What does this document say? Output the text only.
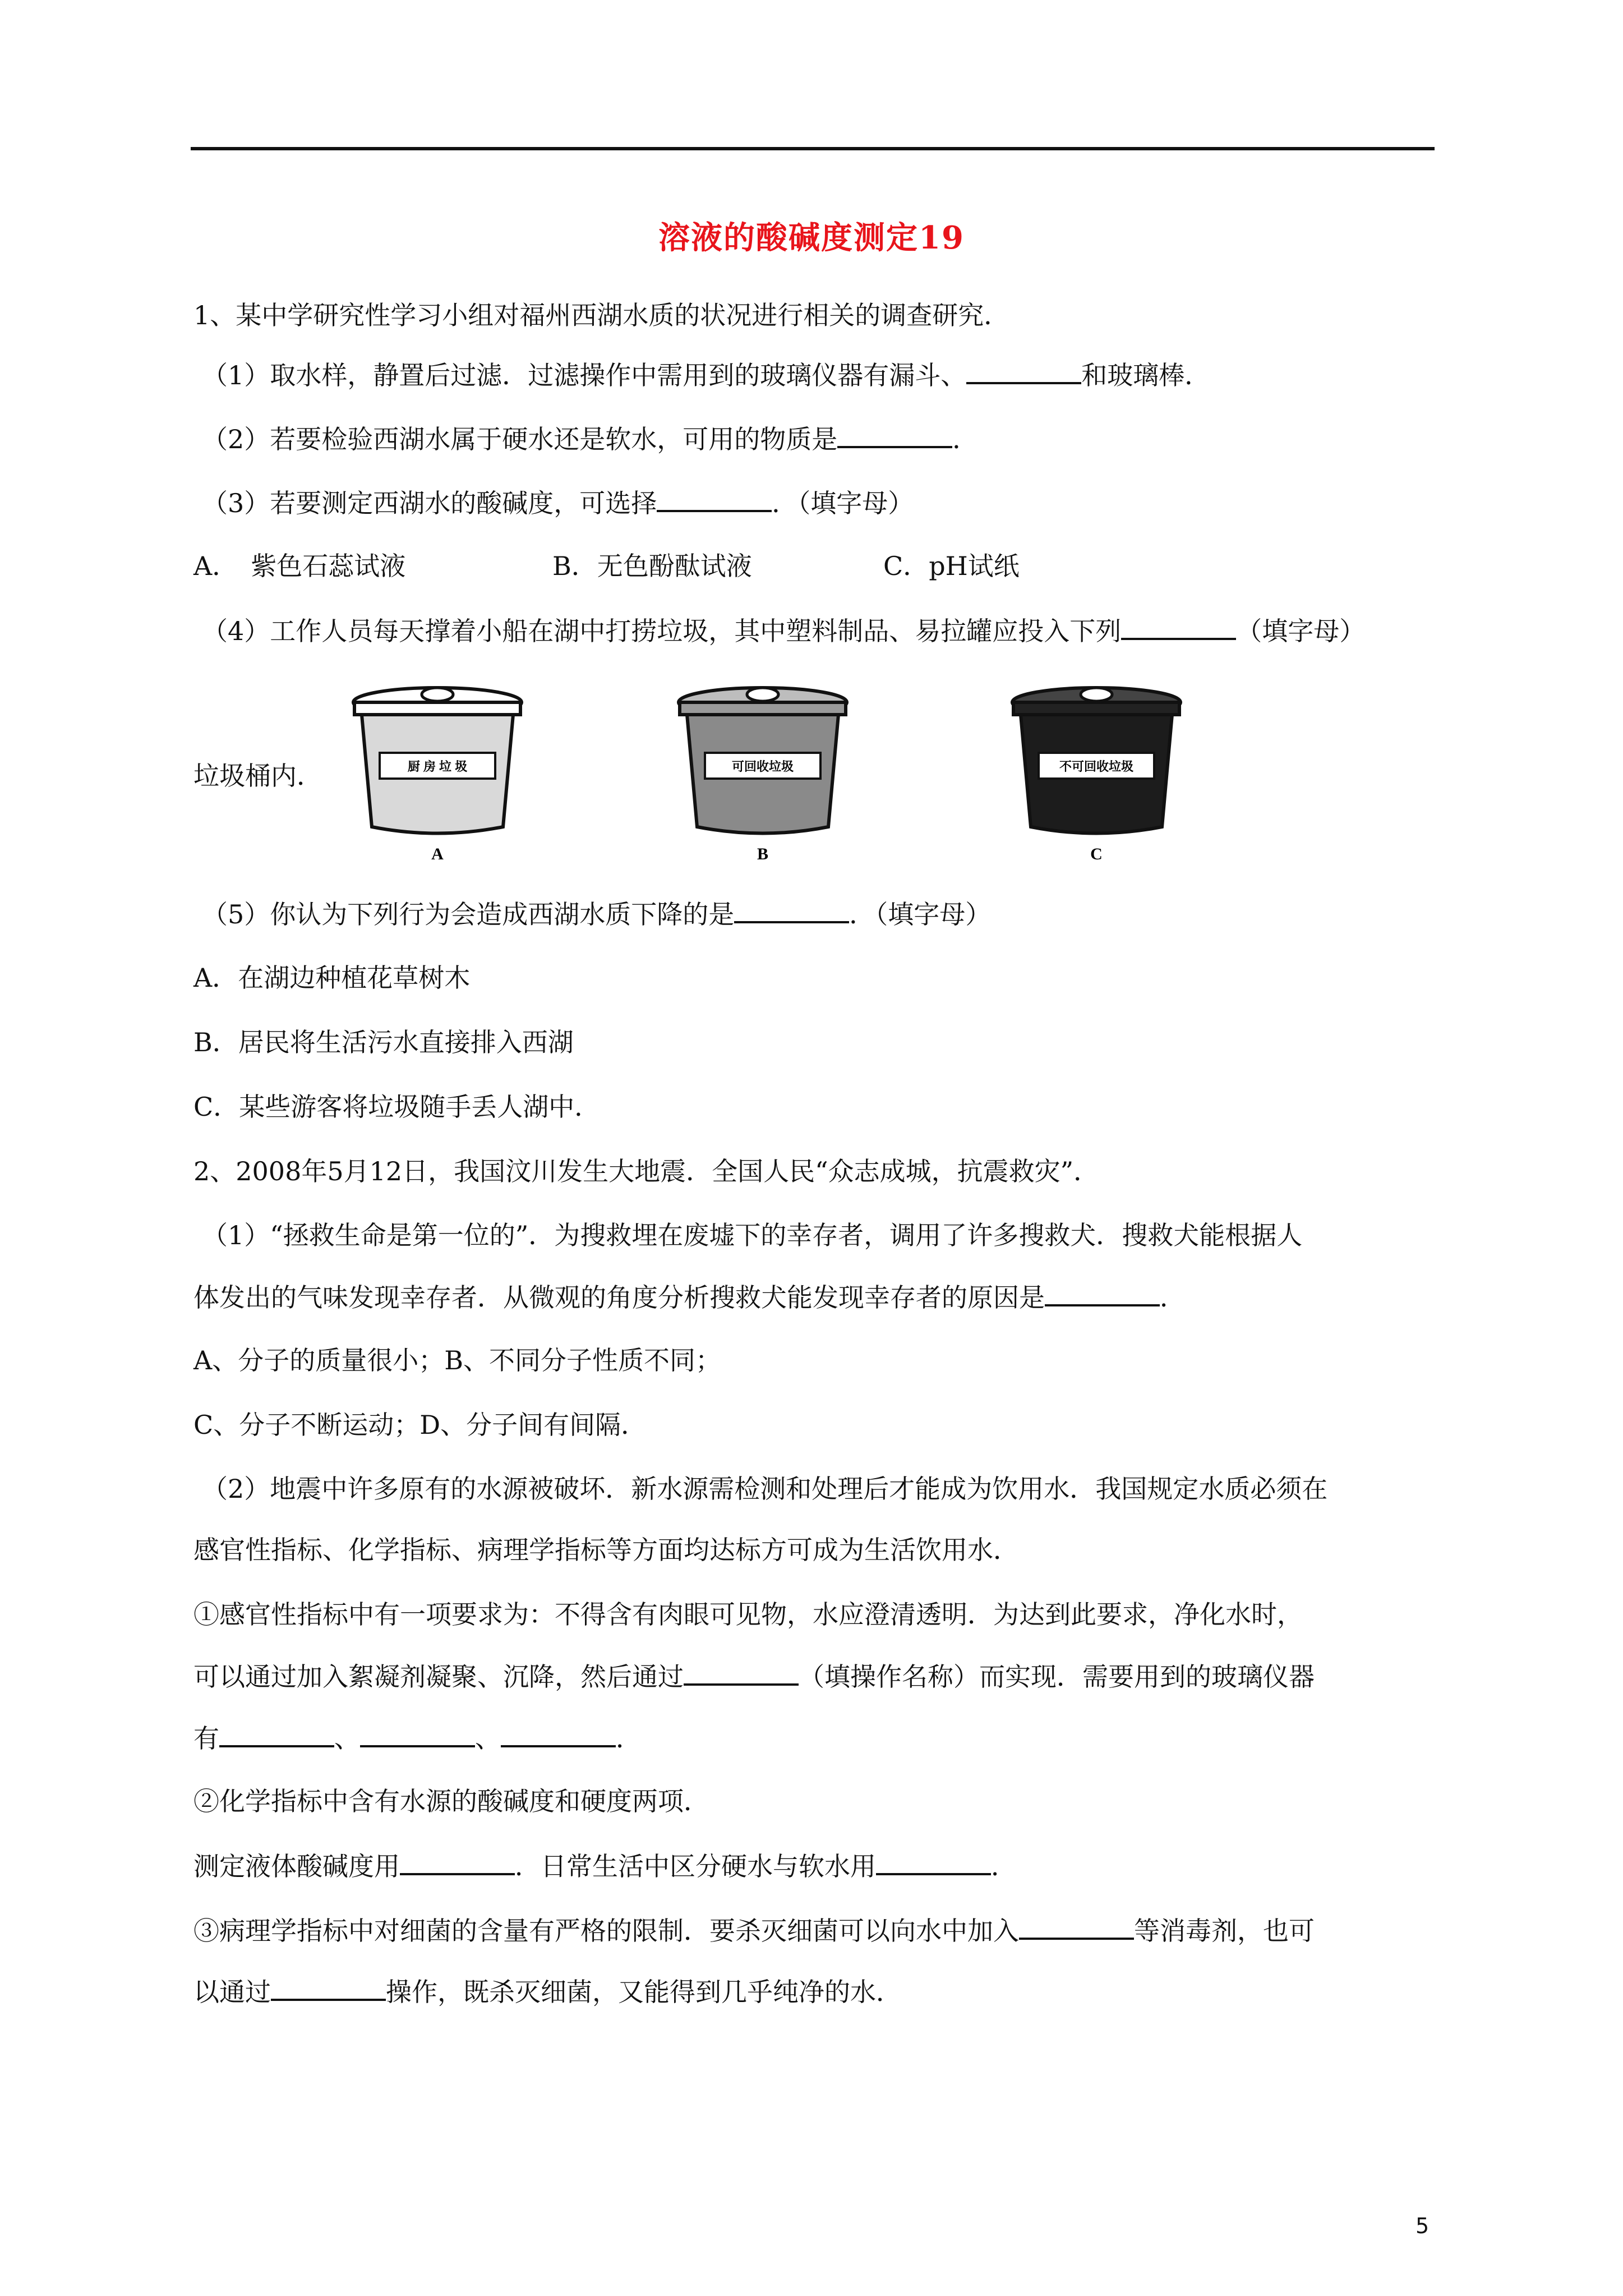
溶液的酸碱度测定19
1、某中学研究性学习小组对福州西湖水质的状况进行相关的调查研究．
（1）取水样，静置后过滤．过滤操作中需用到的玻璃仪器有漏斗、	和玻璃棒．
（2）若要检验西湖水属于硬水还是软水，可用的物质是	．
（3）若要测定西湖水的酸碱度，可选择	．（填字母）
A．　紫色石蕊试液	B．无色酚酞试液	C．pH试纸
（4）工作人员每天撑着小船在湖中打捞垃圾，其中塑料制品、易拉罐应投入下列	（填字母）
垃圾桶内．	厨 房 垃 圾
A
可回收垃圾
B
不可回收垃圾
C
（5）你认为下列行为会造成西湖水质下降的是	．（填字母）
A．在湖边种植花草树木
B．居民将生活污水直接排入西湖
C．某些游客将垃圾随手丢人湖中．
2、2008年5月12日，我国汶川发生大地震．全国人民“众志成城，抗震救灾”．
（1）“拯救生命是第一位的”．为搜救埋在废墟下的幸存者，调用了许多搜救犬．搜救犬能根据人
体发出的气味发现幸存者．从微观的角度分析搜救犬能发现幸存者的原因是	．
A、分子的质量很小；B、不同分子性质不同；
C、分子不断运动；D、分子间有间隔．
（2）地震中许多原有的水源被破坏．新水源需检测和处理后才能成为饮用水．我国规定水质必须在
感官性指标、化学指标、病理学指标等方面均达标方可成为生活饮用水．
①感官性指标中有一项要求为：不得含有肉眼可见物，水应澄清透明．为达到此要求，净化水时，
可以通过加入絮凝剂凝聚、沉降，然后通过	（填操作名称）而实现．需要用到的玻璃仪器
有	、	、	．
②化学指标中含有水源的酸碱度和硬度两项．
测定液体酸碱度用	．日常生活中区分硬水与软水用	．
③病理学指标中对细菌的含量有严格的限制．要杀灭细菌可以向水中加入	等消毒剂，也可
以通过	操作，既杀灭细菌，又能得到几乎纯净的水．
5
